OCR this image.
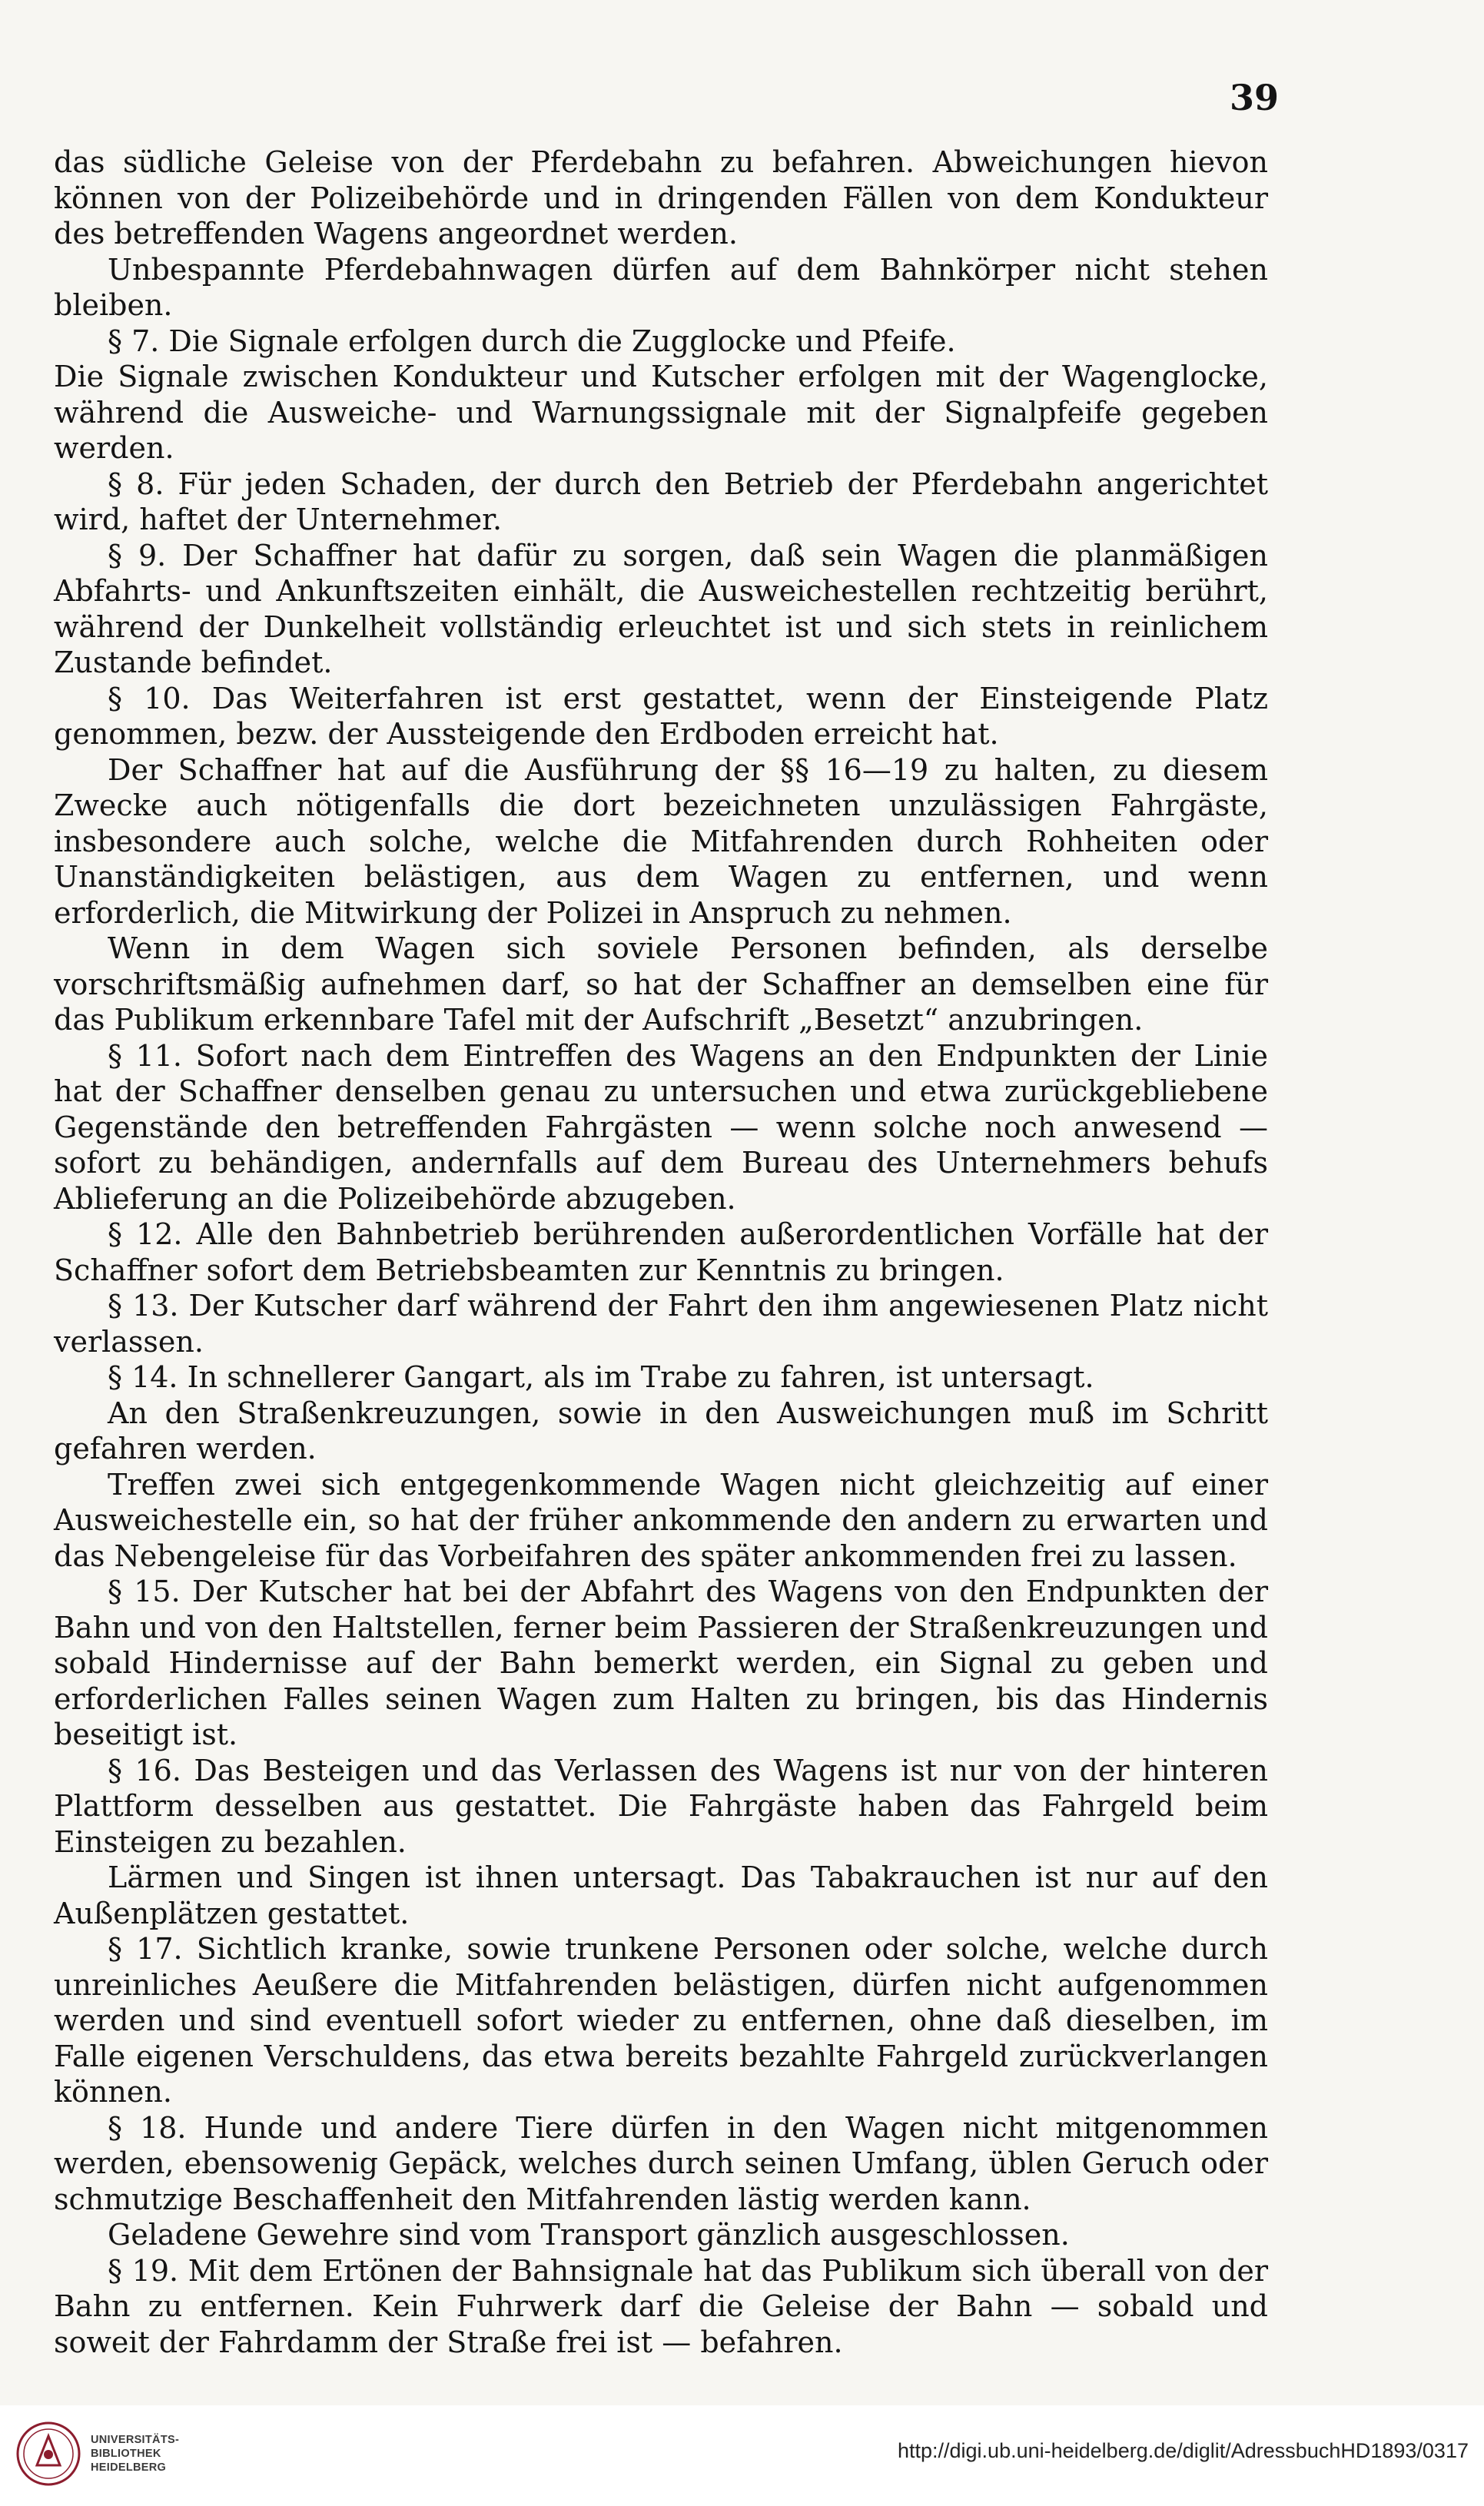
39

das südliche Geleise von der Pferdebahn zu befahren. Abweichungen hievon können von der Polizeibehörde und in dringenden Fällen von dem Kondukteur des betreffenden Wagens angeordnet werden.

Unbespannte Pferdebahnwagen dürfen auf dem Bahnkörper nicht stehen bleiben.

§ 7. Die Signale erfolgen durch die Zugglocke und Pfeife.

Die Signale zwischen Kondukteur und Kutscher erfolgen mit der Wagenglocke, während die Ausweiche- und Warnungssignale mit der Signalpfeife gegeben werden.

§ 8. Für jeden Schaden, der durch den Betrieb der Pferdebahn angerichtet wird, haftet der Unternehmer.

§ 9. Der Schaffner hat dafür zu sorgen, daß sein Wagen die planmäßigen Abfahrts- und Ankunftszeiten einhält, die Ausweichestellen rechtzeitig berührt, während der Dunkelheit vollständig erleuchtet ist und sich stets in reinlichem Zustande befindet.

§ 10. Das Weiterfahren ist erst gestattet, wenn der Einsteigende Platz genommen, bezw. der Aussteigende den Erdboden erreicht hat.

Der Schaffner hat auf die Ausführung der §§ 16—19 zu halten, zu diesem Zwecke auch nötigenfalls die dort bezeichneten unzulässigen Fahrgäste, insbesondere auch solche, welche die Mitfahrenden durch Rohheiten oder Unanständigkeiten belästigen, aus dem Wagen zu entfernen, und wenn erforderlich, die Mitwirkung der Polizei in Anspruch zu nehmen.

Wenn in dem Wagen sich soviele Personen befinden, als derselbe vorschriftsmäßig aufnehmen darf, so hat der Schaffner an demselben eine für das Publikum erkennbare Tafel mit der Aufschrift „Besetzt“ anzubringen.

§ 11. Sofort nach dem Eintreffen des Wagens an den Endpunkten der Linie hat der Schaffner denselben genau zu untersuchen und etwa zurückgebliebene Gegenstände den betreffenden Fahrgästen — wenn solche noch anwesend — sofort zu behändigen, andernfalls auf dem Bureau des Unternehmers behufs Ablieferung an die Polizeibehörde abzugeben.

§ 12. Alle den Bahnbetrieb berührenden außerordentlichen Vorfälle hat der Schaffner sofort dem Betriebsbeamten zur Kenntnis zu bringen.

§ 13. Der Kutscher darf während der Fahrt den ihm angewiesenen Platz nicht verlassen.

§ 14. In schnellerer Gangart, als im Trabe zu fahren, ist untersagt.

An den Straßenkreuzungen, sowie in den Ausweichungen muß im Schritt gefahren werden.

Treffen zwei sich entgegenkommende Wagen nicht gleichzeitig auf einer Ausweichestelle ein, so hat der früher ankommende den andern zu erwarten und das Nebengeleise für das Vorbeifahren des später ankommenden frei zu lassen.

§ 15. Der Kutscher hat bei der Abfahrt des Wagens von den Endpunkten der Bahn und von den Haltstellen, ferner beim Passieren der Straßenkreuzungen und sobald Hindernisse auf der Bahn bemerkt werden, ein Signal zu geben und erforderlichen Falles seinen Wagen zum Halten zu bringen, bis das Hindernis beseitigt ist.

§ 16. Das Besteigen und das Verlassen des Wagens ist nur von der hinteren Plattform desselben aus gestattet. Die Fahrgäste haben das Fahrgeld beim Einsteigen zu bezahlen.

Lärmen und Singen ist ihnen untersagt. Das Tabakrauchen ist nur auf den Außenplätzen gestattet.

§ 17. Sichtlich kranke, sowie trunkene Personen oder solche, welche durch unreinliches Aeußere die Mitfahrenden belästigen, dürfen nicht aufgenommen werden und sind eventuell sofort wieder zu entfernen, ohne daß dieselben, im Falle eigenen Verschuldens, das etwa bereits bezahlte Fahrgeld zurückverlangen können.

§ 18. Hunde und andere Tiere dürfen in den Wagen nicht mitgenommen werden, ebensowenig Gepäck, welches durch seinen Umfang, üblen Geruch oder schmutzige Beschaffenheit den Mitfahrenden lästig werden kann.

Geladene Gewehre sind vom Transport gänzlich ausgeschlossen.

§ 19. Mit dem Ertönen der Bahnsignale hat das Publikum sich überall von der Bahn zu entfernen. Kein Fuhrwerk darf die Geleise der Bahn — sobald und soweit der Fahrdamm der Straße frei ist — befahren.

UNIVERSITÄTS-
BIBLIOTHEK
HEIDELBERG
http://digi.ub.uni-heidelberg.de/diglit/AdressbuchHD1893/0317
